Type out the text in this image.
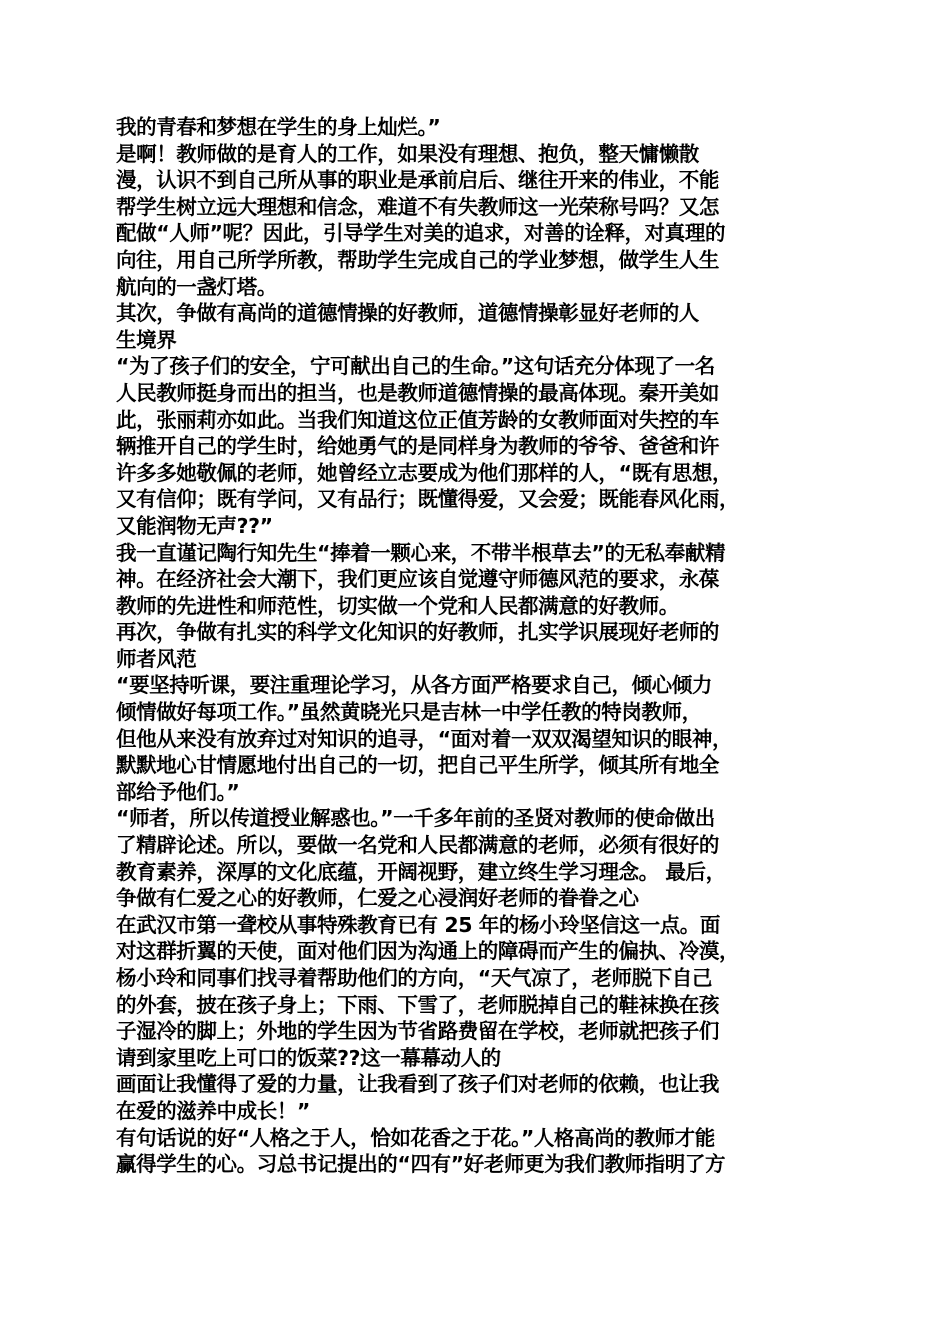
我的青春和梦想在学生的身上灿烂。”
是啊！教师做的是育人的工作，如果没有理想、抱负，整天慵懒散
漫，认识不到自己所从事的职业是承前启后、继往开来的伟业，不能
帮学生树立远大理想和信念，难道不有失教师这一光荣称号吗？又怎
配做“人师”呢？因此，引导学生对美的追求，对善的诠释，对真理的
向往，用自己所学所教，帮助学生完成自己的学业梦想，做学生人生
航向的一盏灯塔。
其次，争做有高尚的道德情操的好教师，道德情操彰显好老师的人
生境界
“为了孩子们的安全，宁可献出自己的生命。”这句话充分体现了一名
人民教师挺身而出的担当，也是教师道德情操的最高体现。秦开美如
此，张丽莉亦如此。当我们知道这位正值芳龄的女教师面对失控的车
辆推开自己的学生时，给她勇气的是同样身为教师的爷爷、爸爸和许
许多多她敬佩的老师，她曾经立志要成为他们那样的人，“既有思想，
又有信仰；既有学问，又有品行；既懂得爱，又会爱；既能春风化雨，
又能润物无声??”
我一直谨记陶行知先生“捧着一颗心来，不带半根草去”的无私奉献精
神。在经济社会大潮下，我们更应该自觉遵守师德风范的要求，永葆
教师的先进性和师范性，切实做一个党和人民都满意的好教师。
再次，争做有扎实的科学文化知识的好教师，扎实学识展现好老师的
师者风范
“要坚持听课，要注重理论学习，从各方面严格要求自己，倾心倾力
倾情做好每项工作。”虽然黄晓光只是吉林一中学任教的特岗教师，
但他从来没有放弃过对知识的追寻，“面对着一双双渴望知识的眼神，
默默地心甘情愿地付出自己的一切，把自己平生所学，倾其所有地全
部给予他们。”
“师者，所以传道授业解惑也。”一千多年前的圣贤对教师的使命做出
了精辟论述。所以，要做一名党和人民都满意的老师，必须有很好的
教育素养，深厚的文化底蕴，开阔视野，建立终生学习理念。 最后，
争做有仁爱之心的好教师，仁爱之心浸润好老师的眷眷之心
在武汉市第一聋校从事特殊教育已有 25 年的杨小玲坚信这一点。面
对这群折翼的天使，面对他们因为沟通上的障碍而产生的偏执、冷漠，
杨小玲和同事们找寻着帮助他们的方向，“天气凉了，老师脱下自己
的外套，披在孩子身上；下雨、下雪了，老师脱掉自己的鞋袜换在孩
子湿冷的脚上；外地的学生因为节省路费留在学校，老师就把孩子们
请到家里吃上可口的饭菜??这一幕幕动人的
画面让我懂得了爱的力量，让我看到了孩子们对老师的依赖，也让我
在爱的滋养中成长！”
有句话说的好“人格之于人，恰如花香之于花。”人格高尚的教师才能
赢得学生的心。习总书记提出的“四有”好老师更为我们教师指明了方
